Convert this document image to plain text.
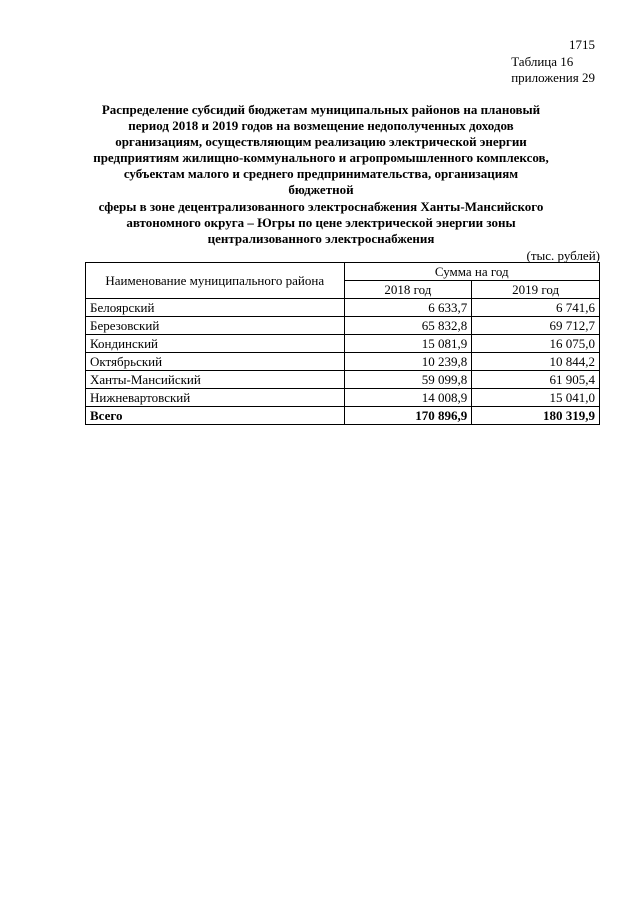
1715
Таблица 16
приложения 29
Распределение субсидий бюджетам муниципальных районов на плановый
период 2018 и 2019 годов на возмещение недополученных доходов
организациям, осуществляющим реализацию электрической энергии
предприятиям жилищно-коммунального и агропромышленного комплексов,
субъектам малого и среднего предпринимательства, организациям бюджетной
сферы в зоне децентрализованного электроснабжения Ханты-Мансийского
автономного округа – Югры по цене электрической энергии зоны
централизованного электроснабжения
(тыс. рублей)
Наименование муниципального района	Сумма на год	
	2018 год	2019 год
Белоярский	6 633,7	6 741,6
Березовский	65 832,8	69 712,7
Кондинский	15 081,9	16 075,0
Октябрьский	10 239,8	10 844,2
Ханты-Мансийский	59 099,8	61 905,4
Нижневартовский	14 008,9	15 041,0
Всего	170 896,9	180 319,9
